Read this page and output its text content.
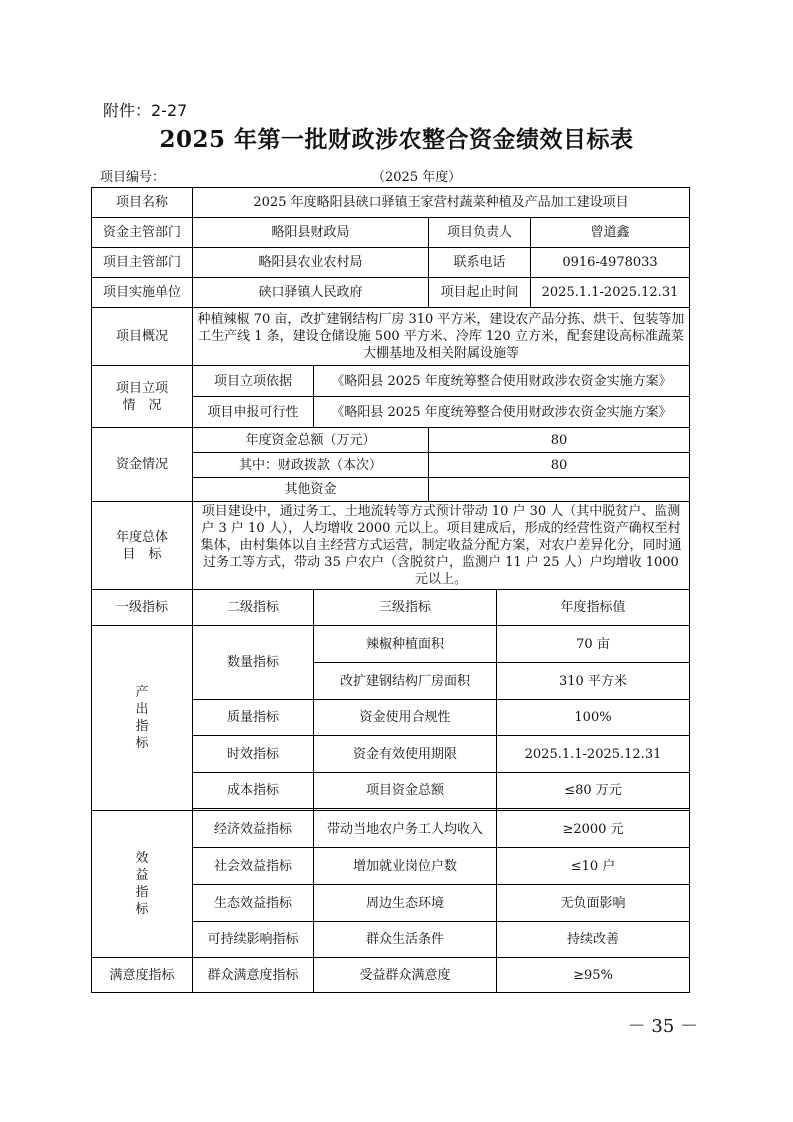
附件：2-27
2025 年第一批财政涉农整合资金绩效目标表
项目编号：	（2025 年度）
项目名称	2025 年度略阳县硖口驿镇王家营村蔬菜种植及产品加工建设项目				
资金主管部门	略阳县财政局		项目负责人		曾道鑫
项目主管部门	略阳县农业农村局		联系电话		0916-4978033
项目实施单位	硖口驿镇人民政府		项目起止时间		2025.1.1-2025.12.31
项目概况	种植辣椒 70 亩，改扩建钢结构厂房 310 平方米，建设农产品分拣、烘干、包装等加工生产线 1 条，建设仓储设施 500 平方米、冷库 120 立方米，配套建设高标准蔬菜大棚基地及相关附属设施等				

项目立项
情　况	项目立项依据	《略阳县 2025 年度统筹整合使用财政涉农资金实施方案》			
	项目申报可行性	《略阳县 2025 年度统筹整合使用财政涉农资金实施方案》			
资金情况	年度资金总额（万元）		80		
	其中：财政拨款（本次）		80		
	其他资金				

年度总体
目　标	项目建设中，通过务工、土地流转等方式预计带动 10 户 30 人（其中脱贫户、监测户 3 户 10 人），人均增收 2000 元以上。项目建成后，形成的经营性资产确权至村集体，由村集体以自主经营方式运营，制定收益分配方案，对农户差异化分，同时通过务工等方式，带动 35 户农户（含脱贫户，监测户 11 户 25 人）户均增收 1000 元以上。				
一级指标	二级指标	三级指标		年度指标值	

产
出
指
标	数量指标	辣椒种植面积		70 亩	
		改扩建钢结构厂房面积		310 平方米	
	质量指标	资金使用合规性		100%	
	时效指标	资金有效使用期限		2025.1.1-2025.12.31	
	成本指标	项目资金总额		≤80 万元	

效
益
指
标	经济效益指标	带动当地农户务工人均收入		≥2000 元	
	社会效益指标	增加就业岗位户数		≤10 户	
	生态效益指标	周边生态环境		无负面影响	
	可持续影响指标	群众生活条件		持续改善	
满意度指标	群众满意度指标	受益群众满意度		≥95%	
－ 35 －
